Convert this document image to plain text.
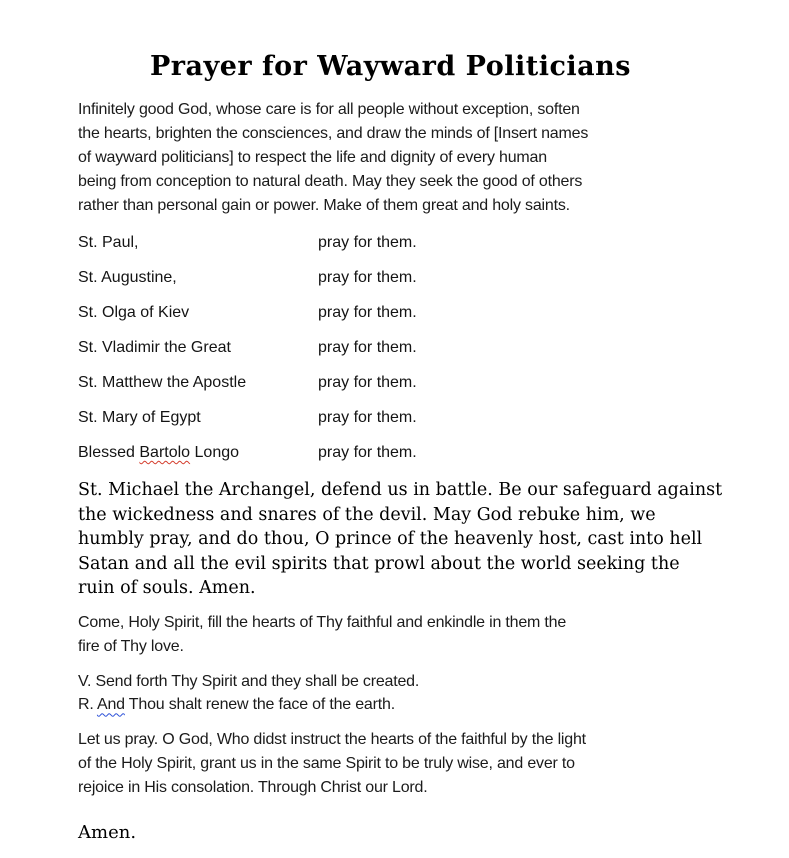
Prayer for Wayward Politicians

Infinitely good God, whose care is for all people without exception, soften
the hearts, brighten the consciences, and draw the minds of [Insert names
of wayward politicians] to respect the life and dignity of every human
being from conception to natural death. May they seek the good of others
rather than personal gain or power. Make of them great and holy saints.

St. Paul,	pray for them.
St. Augustine,	pray for them.
St. Olga of Kiev	pray for them.
St. Vladimir the Great	pray for them.
St. Matthew the Apostle	pray for them.
St. Mary of Egypt	pray for them.
Blessed Bartolo Longo	pray for them.

St. Michael the Archangel, defend us in battle. Be our safeguard against
the wickedness and snares of the devil. May God rebuke him, we
humbly pray, and do thou, O prince of the heavenly host, cast into hell
Satan and all the evil spirits that prowl about the world seeking the
ruin of souls. Amen.

Come, Holy Spirit, fill the hearts of Thy faithful and enkindle in them the
fire of Thy love.

V. Send forth Thy Spirit and they shall be created.
R. And Thou shalt renew the face of the earth.

Let us pray. O God, Who didst instruct the hearts of the faithful by the light
of the Holy Spirit, grant us in the same Spirit to be truly wise, and ever to
rejoice in His consolation. Through Christ our Lord.

Amen.
